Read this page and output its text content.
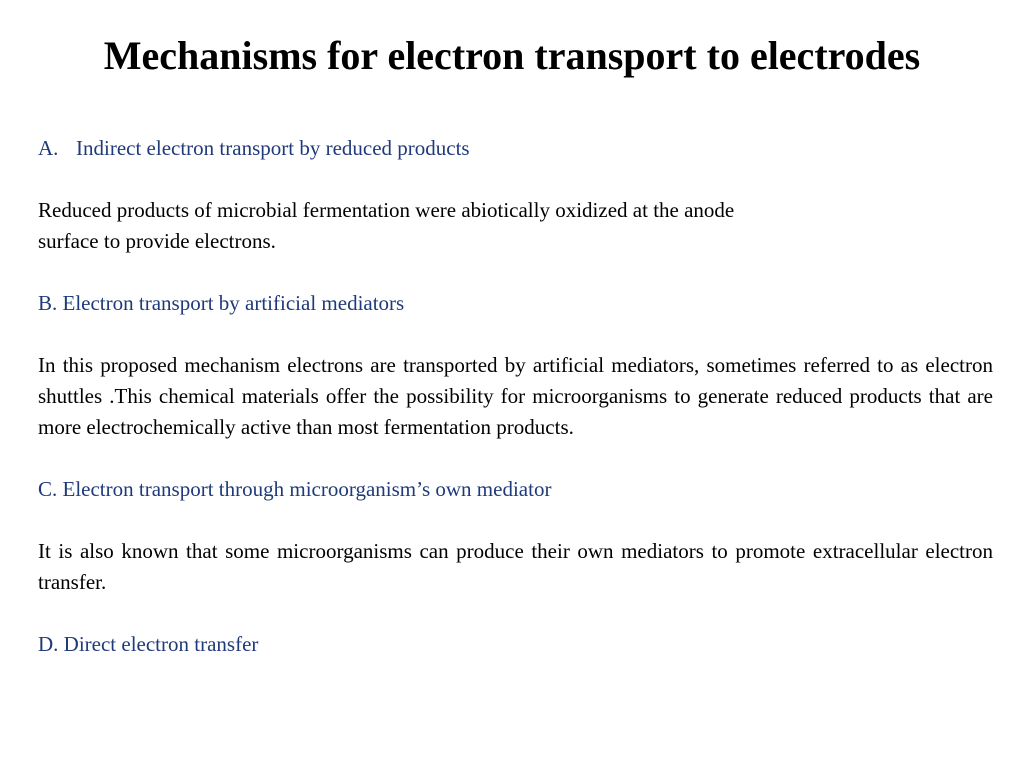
Mechanisms for electron transport to electrodes

A. Indirect electron transport by reduced products

Reduced products of microbial fermentation were abiotically oxidized at the anode
surface to provide electrons.

B. Electron transport by artificial mediators

In this proposed mechanism electrons are transported by artificial mediators, sometimes referred to as electron shuttles .This chemical materials offer the possibility for microorganisms to generate reduced products that are more electrochemically active than most fermentation products.

C. Electron transport through microorganism’s own mediator

It is also known that some microorganisms can produce their own mediators to promote extracellular electron transfer.

D. Direct electron transfer
